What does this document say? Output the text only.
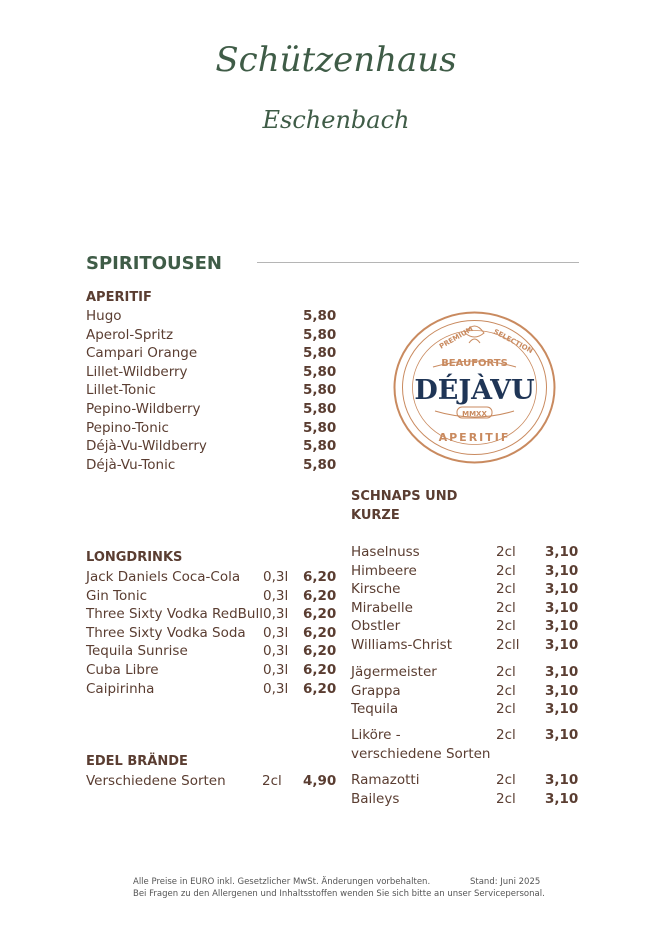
Schützenhaus
Eschenbach
SPIRITOUSEN
APERITIF
Hugo	5,80
Aperol-Spritz	5,80
Campari Orange	5,80
Lillet-Wildberry	5,80
Lillet-Tonic	5,80
Pepino-Wildberry	5,80
Pepino-Tonic	5,80
Déjà-Vu-Wildberry	5,80
Déjà-Vu-Tonic	5,80
PREMIUM	SELECTION
BEAUFORTS
DÉJÀVU
MMXX
APERITIF
SCHNAPS UND
KURZE
Haselnuss	2cl 3,10
Himbeere	2cl 3,10
Kirsche	2cl 3,10
Mirabelle	2cl 3,10
Obstler	2cl 3,10
Williams-Christ	2cll 3,10
Jägermeister	2cl 3,10
Grappa	2cl 3,10
Tequila	2cl 3,10
Liköre -	2cl 3,10
verschiedene Sorten
Ramazotti	2cl 3,10
Baileys	2cl 3,10
LONGDRINKS
Jack Daniels Coca-Cola 0,3l 6,20
Gin Tonic	0,3l 6,20
Three Sixty Vodka RedBull 0,3l 6,20
Three Sixty Vodka Soda 0,3l 6,20
Tequila Sunrise	0,3l 6,20
Cuba Libre	0,3l 6,20
Caipirinha	0,3l 6,20
EDEL BRÄNDE
Verschiedene Sorten	2cl 4,90
Alle Preise in EURO inkl. Gesetzlicher MwSt. Änderungen vorbehalten.	Stand: Juni 2025
Bei Fragen zu den Allergenen und Inhaltsstoffen wenden Sie sich bitte an unser Servicepersonal.
